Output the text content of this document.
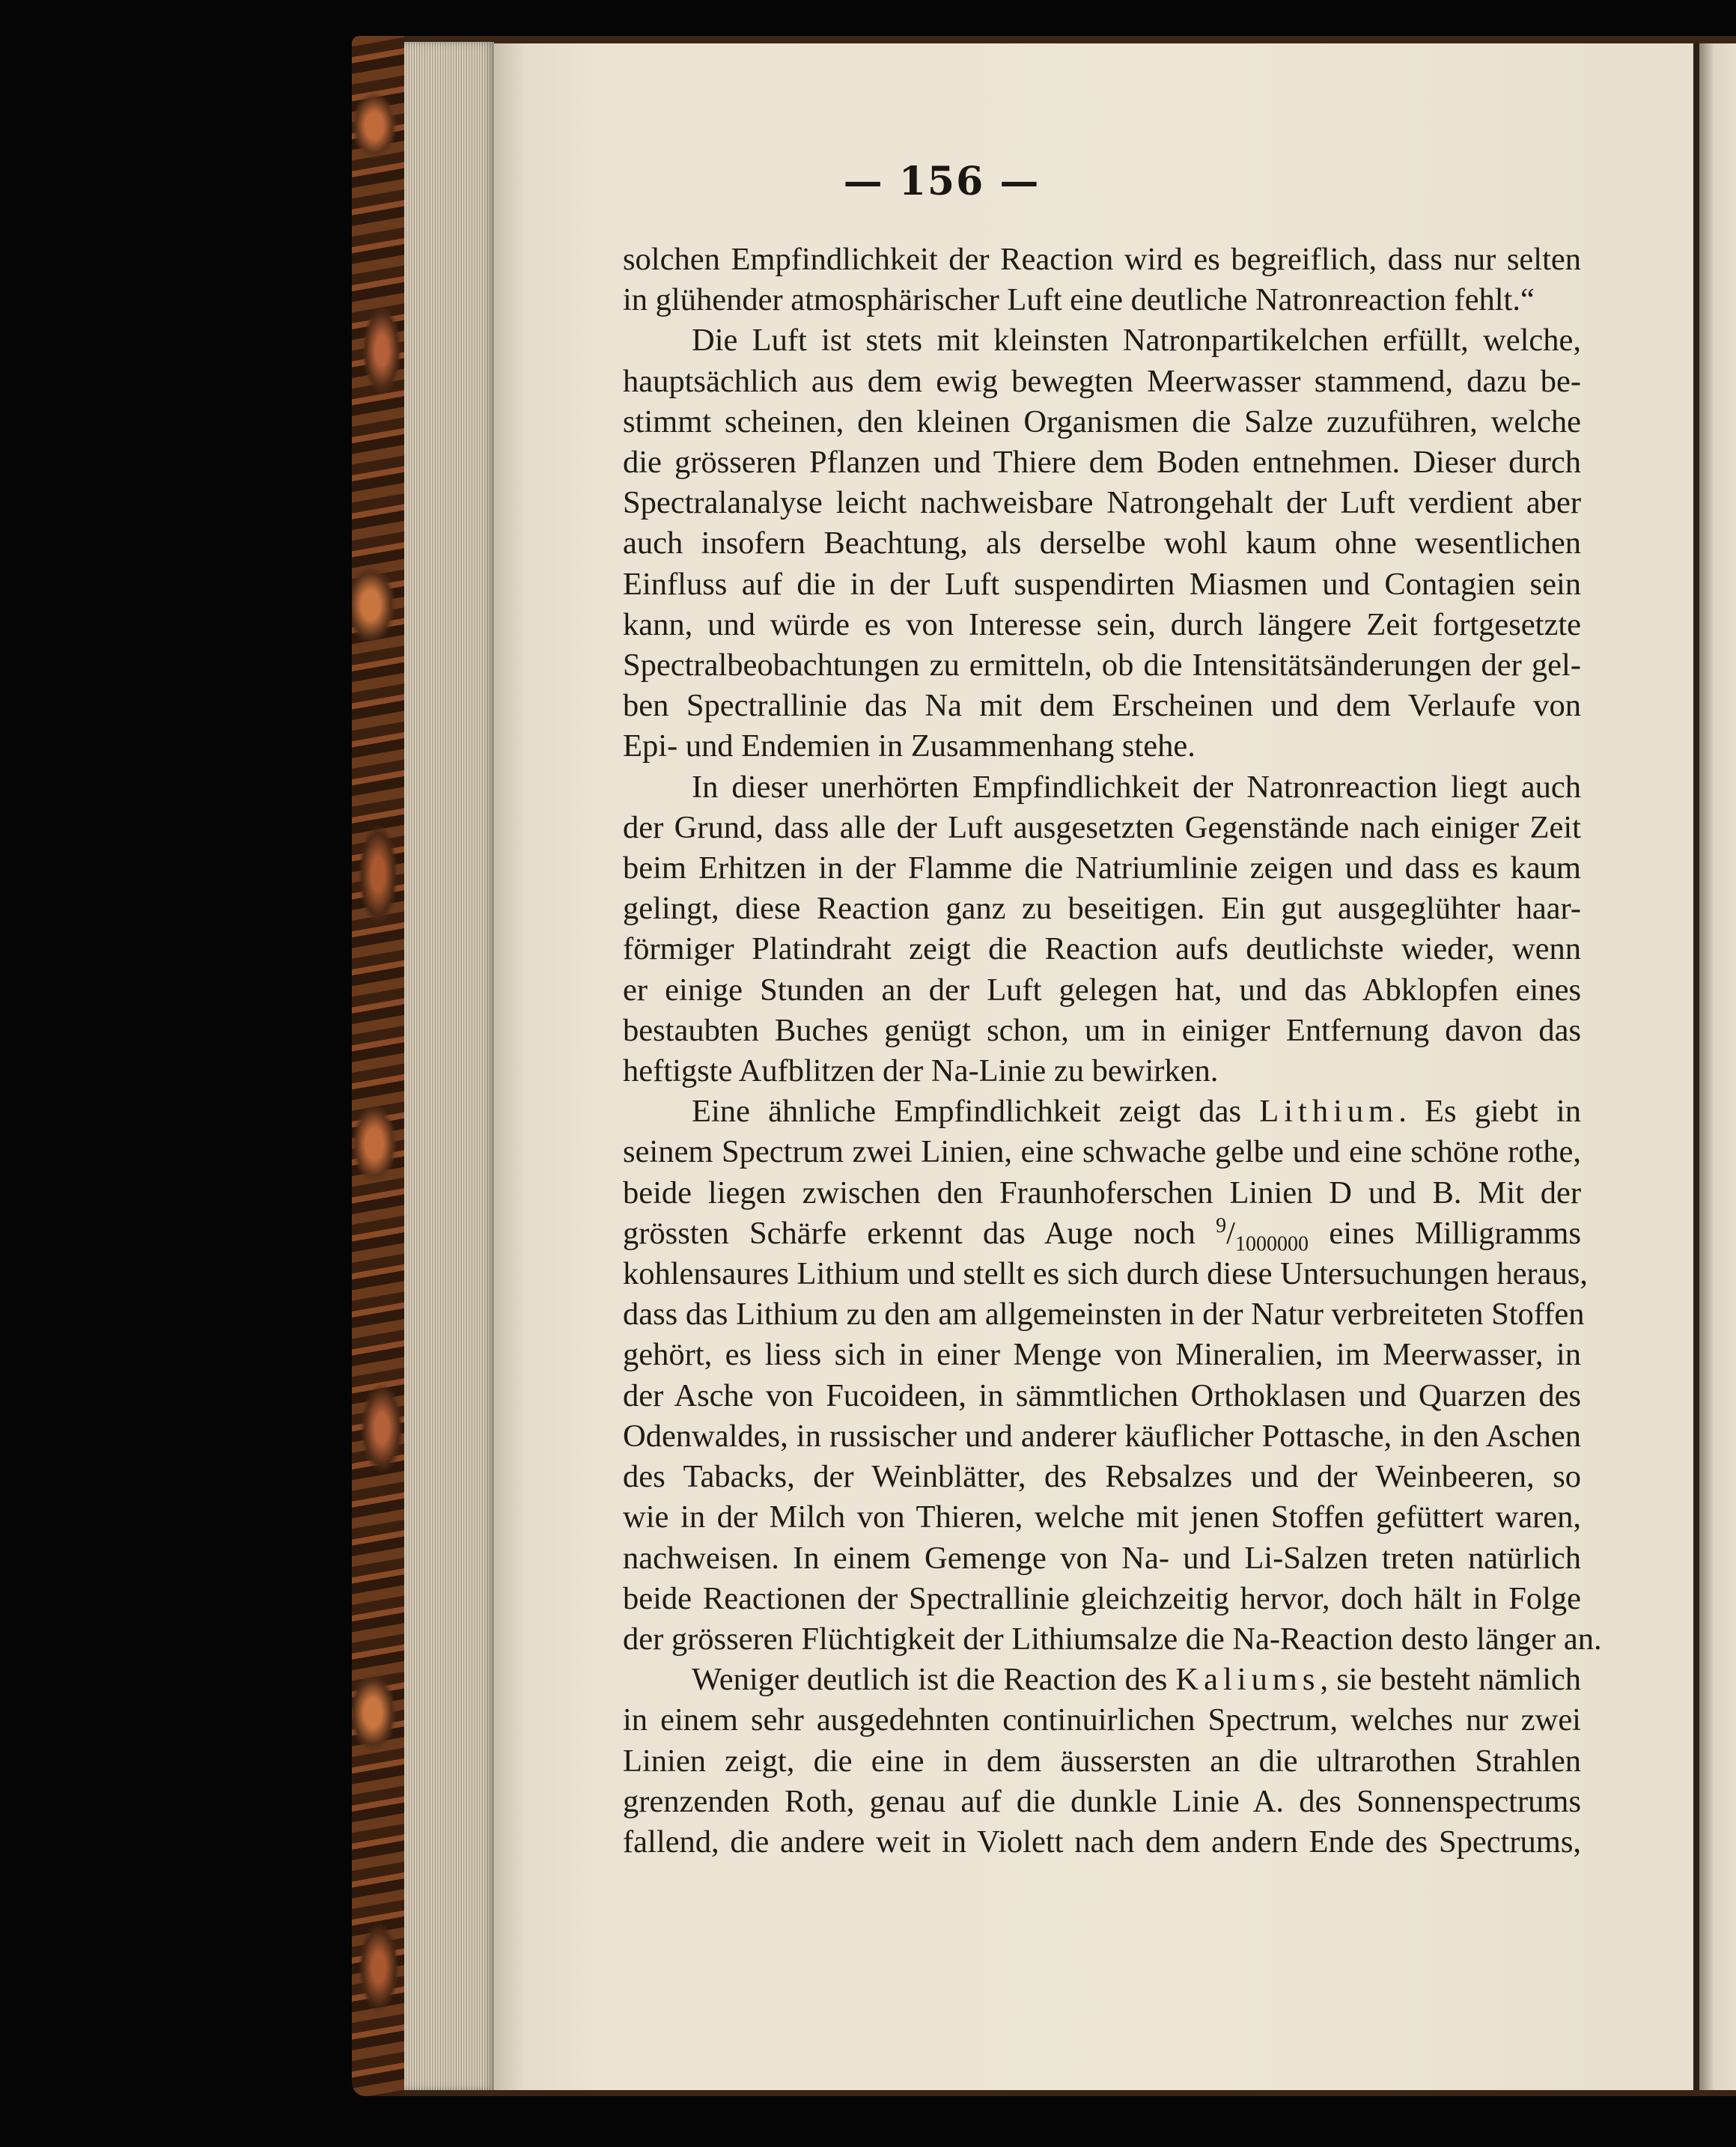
— 156 —

solchen Empfindlichkeit der Reaction wird es begreiflich, dass nur selten
in glühender atmosphärischer Luft eine deutliche Natronreaction fehlt.“

Die Luft ist stets mit kleinsten Natronpartikelchen erfüllt, welche,
hauptsächlich aus dem ewig bewegten Meerwasser stammend, dazu be-
stimmt scheinen, den kleinen Organismen die Salze zuzuführen, welche
die grösseren Pflanzen und Thiere dem Boden entnehmen. Dieser durch
Spectralanalyse leicht nachweisbare Natrongehalt der Luft verdient aber
auch insofern Beachtung, als derselbe wohl kaum ohne wesentlichen
Einfluss auf die in der Luft suspendirten Miasmen und Contagien sein
kann, und würde es von Interesse sein, durch längere Zeit fortgesetzte
Spectralbeobachtungen zu ermitteln, ob die Intensitätsänderungen der gel-
ben Spectrallinie das Na mit dem Erscheinen und dem Verlaufe von
Epi- und Endemien in Zusammenhang stehe.

In dieser unerhörten Empfindlichkeit der Natronreaction liegt auch
der Grund, dass alle der Luft ausgesetzten Gegenstände nach einiger Zeit
beim Erhitzen in der Flamme die Natriumlinie zeigen und dass es kaum
gelingt, diese Reaction ganz zu beseitigen. Ein gut ausgeglühter haar-
förmiger Platindraht zeigt die Reaction aufs deutlichste wieder, wenn
er einige Stunden an der Luft gelegen hat, und das Abklopfen eines
bestaubten Buches genügt schon, um in einiger Entfernung davon das
heftigste Aufblitzen der Na-Linie zu bewirken.

Eine ähnliche Empfindlichkeit zeigt das Lithium. Es giebt in
seinem Spectrum zwei Linien, eine schwache gelbe und eine schöne rothe,
beide liegen zwischen den Fraunhoferschen Linien D und B. Mit der
grössten Schärfe erkennt das Auge noch $^9/_{1000000}$ eines Milligramms
kohlensaures Lithium und stellt es sich durch diese Untersuchungen heraus,
dass das Lithium zu den am allgemeinsten in der Natur verbreiteten Stoffen
gehört, es liess sich in einer Menge von Mineralien, im Meerwasser, in
der Asche von Fucoideen, in sämmtlichen Orthoklasen und Quarzen des
Odenwaldes, in russischer und anderer käuflicher Pottasche, in den Aschen
des Tabacks, der Weinblätter, des Rebsalzes und der Weinbeeren, so
wie in der Milch von Thieren, welche mit jenen Stoffen gefüttert waren,
nachweisen. In einem Gemenge von Na- und Li-Salzen treten natürlich
beide Reactionen der Spectrallinie gleichzeitig hervor, doch hält in Folge
der grösseren Flüchtigkeit der Lithiumsalze die Na-Reaction desto länger an.

Weniger deutlich ist die Reaction des Kaliums, sie besteht nämlich
in einem sehr ausgedehnten continuirlichen Spectrum, welches nur zwei
Linien zeigt, die eine in dem äussersten an die ultrarothen Strahlen
grenzenden Roth, genau auf die dunkle Linie A. des Sonnenspectrums
fallend, die andere weit in Violett nach dem andern Ende des Spectrums,
